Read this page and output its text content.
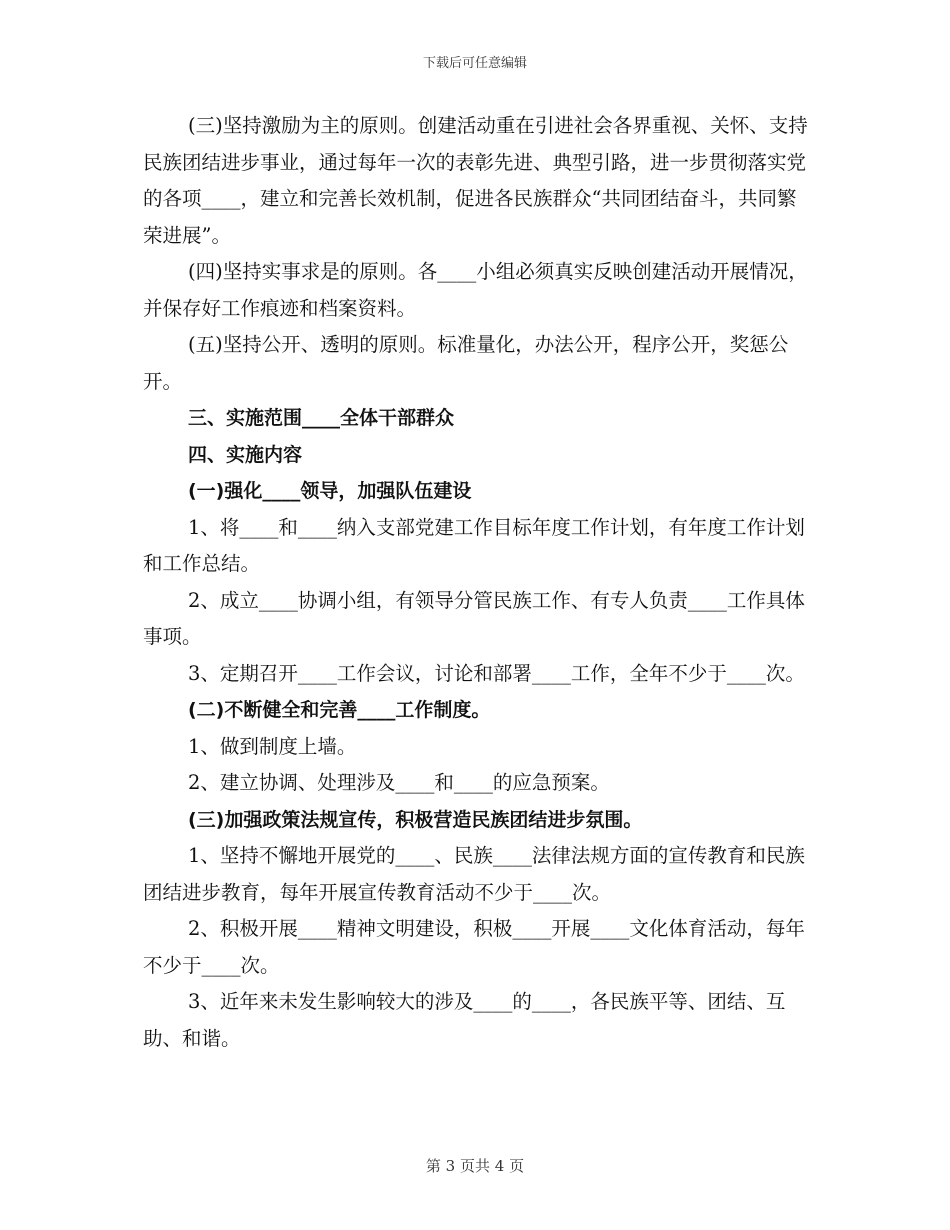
下载后可任意编辑

(三)坚持激励为主的原则。创建活动重在引进社会各界重视、关怀、支持民族团结进步事业，通过每年一次的表彰先进、典型引路，进一步贯彻落实党的各项____，建立和完善长效机制，促进各民族群众“共同团结奋斗，共同繁荣进展”。

(四)坚持实事求是的原则。各____小组必须真实反映创建活动开展情况，并保存好工作痕迹和档案资料。

(五)坚持公开、透明的原则。标准量化，办法公开，程序公开，奖惩公开。

三、实施范围____全体干部群众

四、实施内容

(一)强化____领导，加强队伍建设

1、将____和____纳入支部党建工作目标年度工作计划，有年度工作计划和工作总结。

2、成立____协调小组，有领导分管民族工作、有专人负责____工作具体事项。

3、定期召开____工作会议，讨论和部署____工作，全年不少于____次。

(二)不断健全和完善____工作制度。

1、做到制度上墙。

2、建立协调、处理涉及____和____的应急预案。

(三)加强政策法规宣传，积极营造民族团结进步氛围。

1、坚持不懈地开展党的____、民族____法律法规方面的宣传教育和民族团结进步教育，每年开展宣传教育活动不少于____次。

2、积极开展____精神文明建设，积极____开展____文化体育活动，每年不少于____次。

3、近年来未发生影响较大的涉及____的____，各民族平等、团结、互助、和谐。

第 3 页共 4 页
